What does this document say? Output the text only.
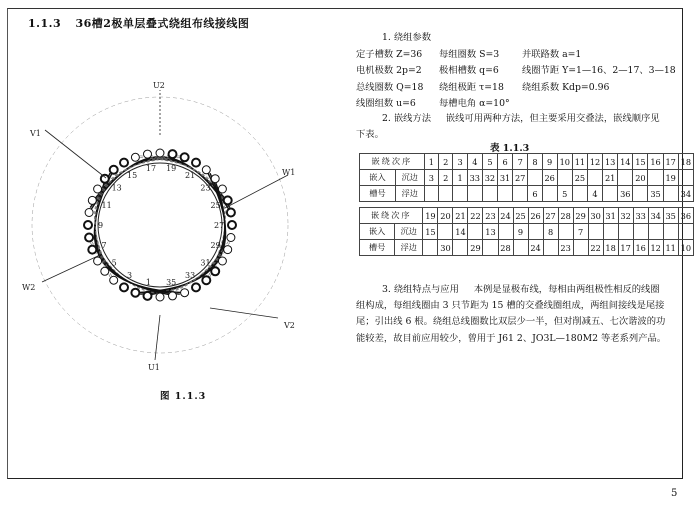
1.1.3 36槽2极单层叠式绕组布线接线图
1. 绕组参数
定子槽数 Z=36 每组圈数 S=3 并联路数 a=1
电机极数 2p=2 极相槽数 q=6 线圈节距 Y=1—16、2—17、3—18
总线圈数 Q=18 绕组极距 τ=18 绕组系数 Kdp=0.96
线圈组数 u=6 每槽电角 α=10°
2. 嵌线方法 嵌线可用两种方法，但主要采用交叠法，嵌线顺序见下表。
表 1.1.3
嵌绕次序		1	2	3	4	5	6	7	8	9	10	11	12	13	14	15	16	17	18
嵌入	沉边	3	2	1	33	32	31	27		26		25		21		20		19	
槽号	浮边								6		5		4		36		35		34
嵌绕次序		19	20	21	22	23	24	25	26	27	28	29	30	31	32	33	34	35	36
嵌入	沉边	15		14		13		9		8		7							
槽号	浮边		30		29		28		24		23		22	18	17	16	12	11	10
3. 绕组特点与应用 本例是显极布线，每相由两组极性相反的线圈组构成，每组线圈由 3 只节距为 15 槽的交叠线圈组成，两组间接线是尾接尾；引出线 6 根。绕组总线圈数比双层少一半，但对削减五、七次谐波的功能较差，故目前应用较少，曾用于 J61 2、JO3L—180M2 等老系列产品。
U2
V1
W1
W2
V2
U1
1
3
5
7
9
11
13
15
17 19
21
23
25
27
29
31
33
35
图 1.1.3
5
